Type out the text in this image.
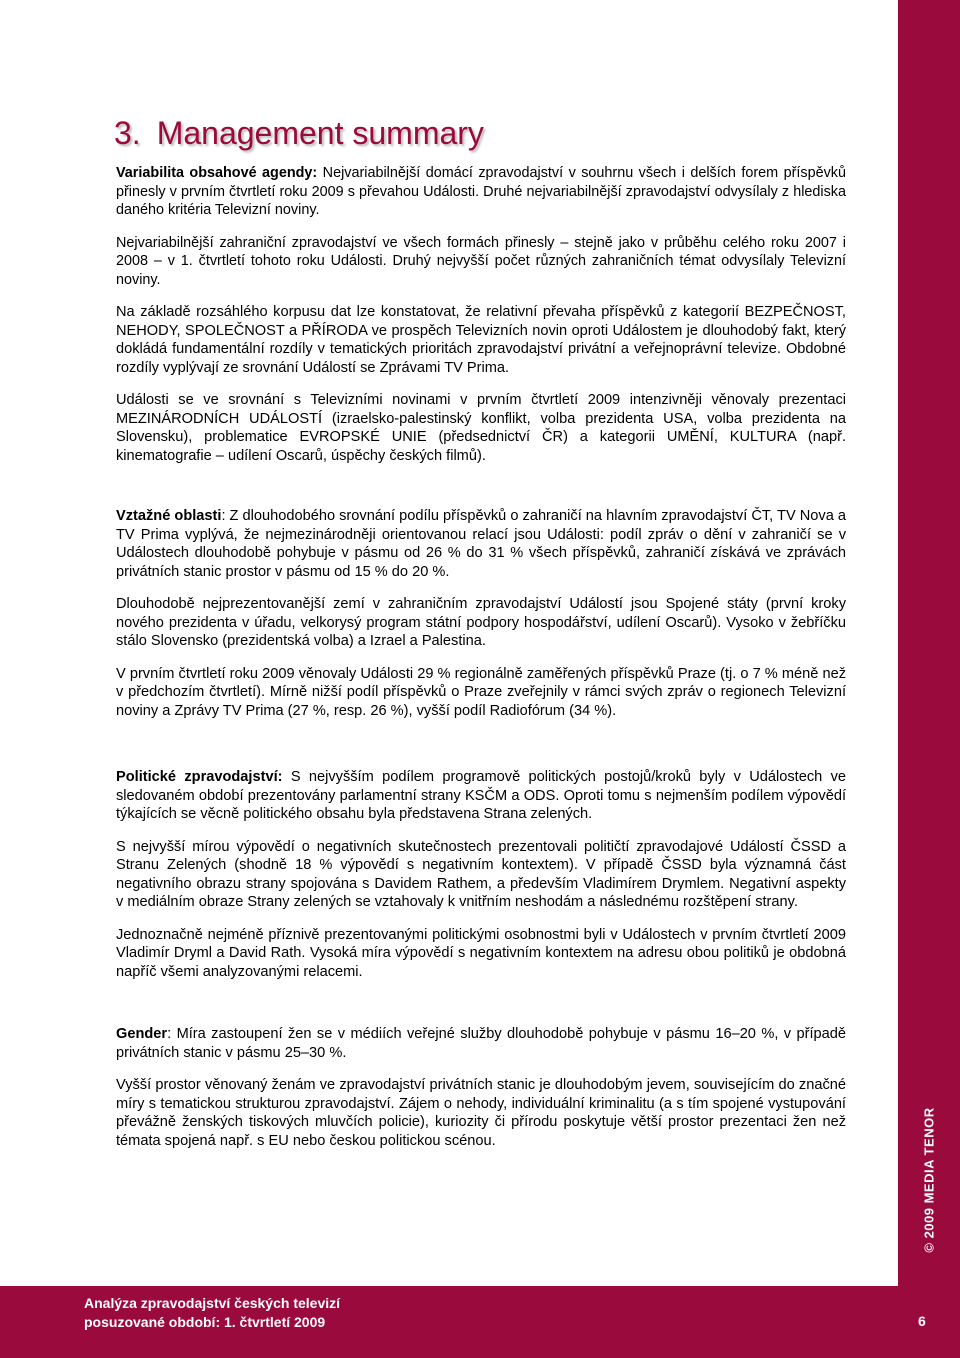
© 2009 MEDIA TENOR
3. Management summary

Variabilita obsahové agendy: Nejvariabilnější domácí zpravodajství v souhrnu všech i delších forem příspěvků přinesly v prvním čtvrtletí roku 2009 s převahou Události. Druhé nejvariabilnější zpravodajství odvysílaly z hlediska daného kritéria Televizní noviny.

Nejvariabilnější zahraniční zpravodajství ve všech formách přinesly – stejně jako v průběhu celého roku 2007 i 2008 – v 1. čtvrtletí tohoto roku Události. Druhý nejvyšší počet různých zahraničních témat odvysílaly Televizní noviny.

Na základě rozsáhlého korpusu dat lze konstatovat, že relativní převaha příspěvků z kategorií BEZPEČNOST, NEHODY, SPOLEČNOST a PŘÍRODA ve prospěch Televizních novin oproti Událostem je dlouhodobý fakt, který dokládá fundamentální rozdíly v tematických prioritách zpravodajství privátní a veřejnoprávní televize. Obdobné rozdíly vyplývají ze srovnání Událostí se Zprávami TV Prima.

Události se ve srovnání s Televizními novinami v prvním čtvrtletí 2009 intenzivněji věnovaly prezentaci MEZINÁRODNÍCH UDÁLOSTÍ (izraelsko-palestinský konflikt, volba prezidenta USA, volba prezidenta na Slovensku), problematice EVROPSKÉ UNIE (předsednictví ČR) a kategorii UMĚNÍ, KULTURA (např. kinematografie – udílení Oscarů, úspěchy českých filmů).

Vztažné oblasti: Z dlouhodobého srovnání podílu příspěvků o zahraničí na hlavním zpravodajství ČT, TV Nova a TV Prima vyplývá, že nejmezinárodněji orientovanou relací jsou Události: podíl zpráv o dění v zahraničí se v Událostech dlouhodobě pohybuje v pásmu od 26 % do 31 % všech příspěvků, zahraničí získává ve zprávách privátních stanic prostor v pásmu od 15 % do 20 %.

Dlouhodobě nejprezentovanější zemí v zahraničním zpravodajství Událostí jsou Spojené státy (první kroky nového prezidenta v úřadu, velkorysý program státní podpory hospodářství, udílení Oscarů). Vysoko v žebříčku stálo Slovensko (prezidentská volba) a Izrael a Palestina.

V prvním čtvrtletí roku 2009 věnovaly Události 29 % regionálně zaměřených příspěvků Praze (tj. o 7 % méně než v předchozím čtvrtletí). Mírně nižší podíl příspěvků o Praze zveřejnily v rámci svých zpráv o regionech Televizní noviny a Zprávy TV Prima (27 %, resp. 26 %), vyšší podíl Radiofórum (34 %).

Politické zpravodajství: S nejvyšším podílem programově politických postojů/kroků byly v Událostech ve sledovaném období prezentovány parlamentní strany KSČM a ODS. Oproti tomu s nejmenším podílem výpovědí týkajících se věcně politického obsahu byla představena Strana zelených.

S nejvyšší mírou výpovědí o negativních skutečnostech prezentovali političtí zpravodajové Událostí ČSSD a Stranu Zelených (shodně 18 % výpovědí s negativním kontextem). V případě ČSSD byla významná část negativního obrazu strany spojována s Davidem Rathem, a především Vladimírem Drymlem. Negativní aspekty v mediálním obraze Strany zelených se vztahovaly k vnitřním neshodám a následnému rozštěpení strany.

Jednoznačně nejméně příznivě prezentovanými politickými osobnostmi byli v Událostech v prvním čtvrtletí 2009 Vladimír Dryml a David Rath. Vysoká míra výpovědí s negativním kontextem na adresu obou politiků je obdobná napříč všemi analyzovanými relacemi.

Gender: Míra zastoupení žen se v médiích veřejné služby dlouhodobě pohybuje v pásmu 16–20 %, v případě privátních stanic v pásmu 25–30 %.

Vyšší prostor věnovaný ženám ve zpravodajství privátních stanic je dlouhodobým jevem, souvisejícím do značné míry s tematickou strukturou zpravodajství. Zájem o nehody, individuální kriminalitu (a s tím spojené vystupování převážně ženských tiskových mluvčích policie), kuriozity či přírodu poskytuje větší prostor prezentaci žen než témata spojená např. s EU nebo českou politickou scénou.

Analýza zpravodajství českých televizí
posuzované období: 1. čtvrtletí 2009	6
